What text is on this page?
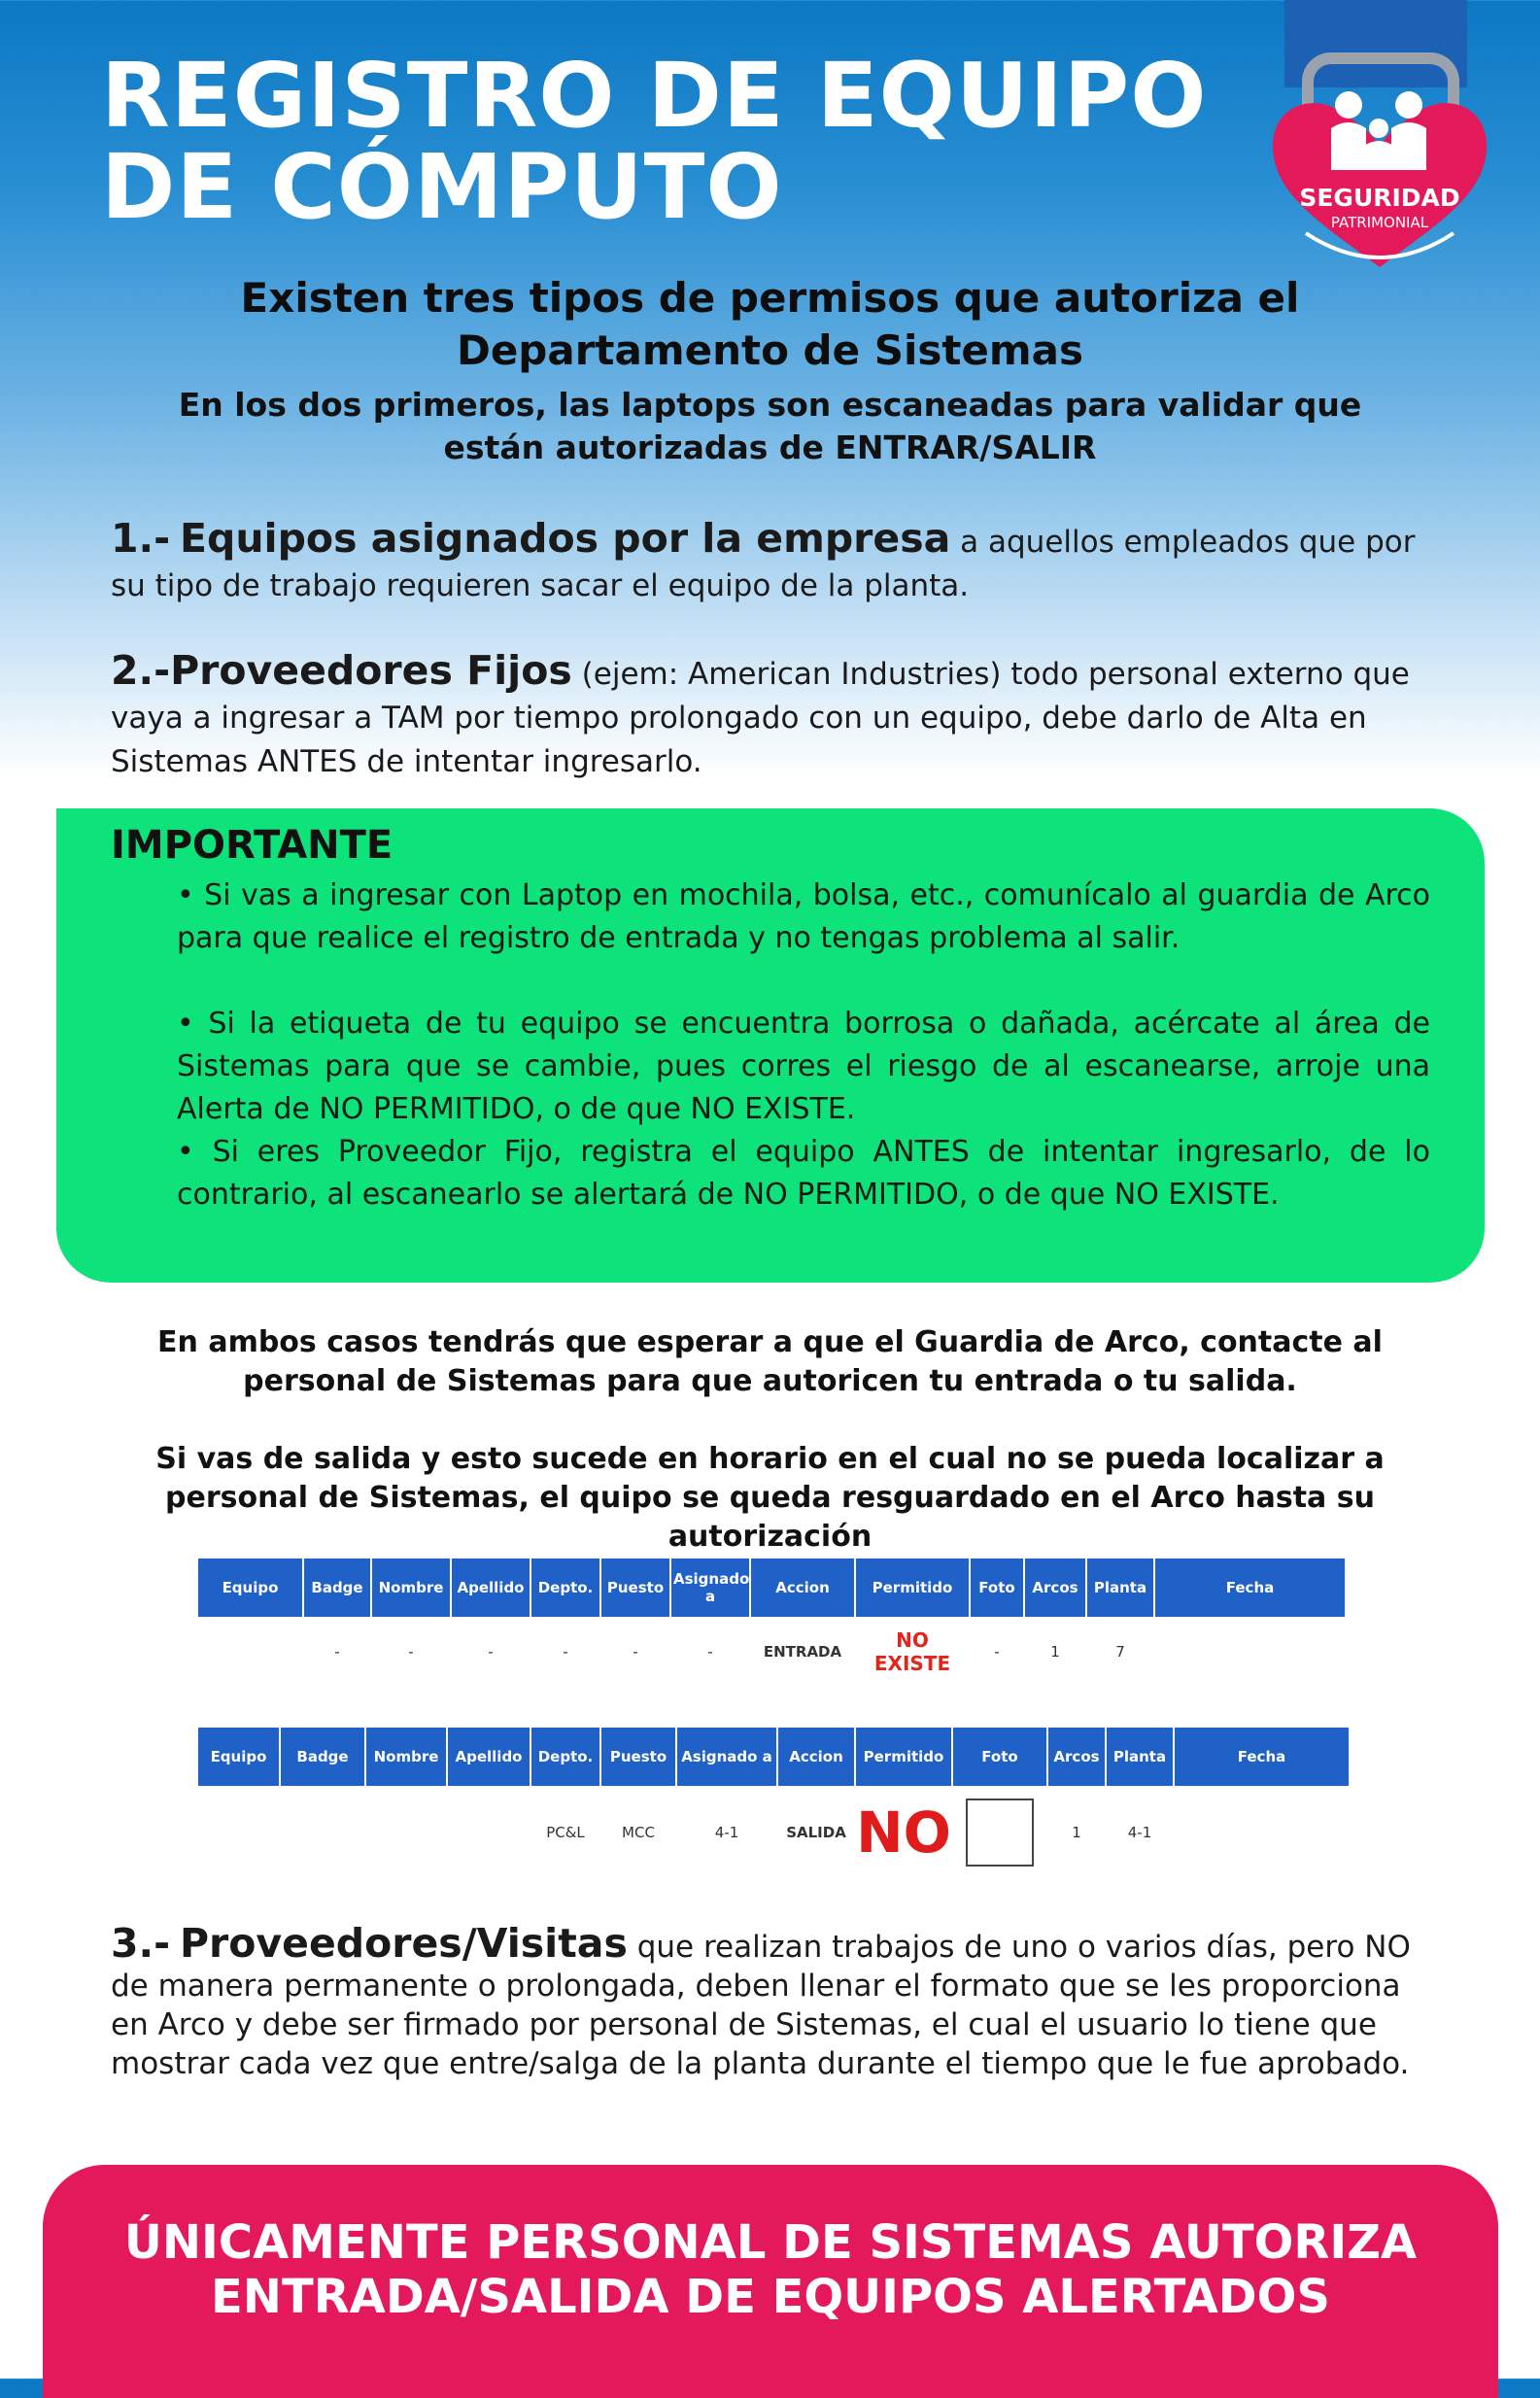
REGISTRO DE EQUIPO
DE CÓMPUTO	SEGURIDAD
PATRIMONIAL

Existen tres tipos de permisos que autoriza el Departamento de Sistemas

En los dos primeros, las laptops son escaneadas para validar que están autorizadas de ENTRAR/SALIR

1.- Equipos asignados por la empresa a aquellos empleados que por su tipo de trabajo requieren sacar el equipo de la planta.

2.-Proveedores Fijos (ejem: American Industries) todo personal externo que vaya a ingresar a TAM por tiempo prolongado con un equipo, debe darlo de Alta en Sistemas ANTES de intentar ingresarlo.

IMPORTANTE

• Si vas a ingresar con Laptop en mochila, bolsa, etc., comunícalo al guardia de Arco para que realice el registro de entrada y no tengas problema al salir.

• Si la etiqueta de tu equipo se encuentra borrosa o dañada, acércate al área de Sistemas para que se cambie, pues corres el riesgo de al escanearse, arroje una Alerta de NO PERMITIDO, o de que NO EXISTE.

• Si eres Proveedor Fijo, registra el equipo ANTES de intentar ingresarlo, de lo contrario, al escanearlo se alertará de NO PERMITIDO, o de que NO EXISTE.

En ambos casos tendrás que esperar a que el Guardia de Arco, contacte al personal de Sistemas para que autoricen tu entrada o tu salida.

Si vas de salida y esto sucede en horario en el cual no se pueda localizar a personal de Sistemas, el quipo se queda resguardado en el Arco hasta su autorización

Equipo	Badge	Nombre	Apellido	Depto.	Puesto	Asignado a	Accion	Permitido	Foto	Arcos	Planta	Fecha
	-	-	-	-	-	-	ENTRADA	NO EXISTE	-	1	7	
Equipo	Badge	Nombre	Apellido	Depto.	Puesto	Asignado a	Accion	Permitido	Foto	Arcos	Planta	Fecha
				PC&L	MCC	4-1	SALIDA	NO		1	4-1	

3.- Proveedores/Visitas que realizan trabajos de uno o varios días, pero NO de manera permanente o prolongada, deben llenar el formato que se les proporciona en Arco y debe ser firmado por personal de Sistemas, el cual el usuario lo tiene que mostrar cada vez que entre/salga de la planta durante el tiempo que le fue aprobado.

ÚNICAMENTE PERSONAL DE SISTEMAS AUTORIZA
ENTRADA/SALIDA DE EQUIPOS ALERTADOS
